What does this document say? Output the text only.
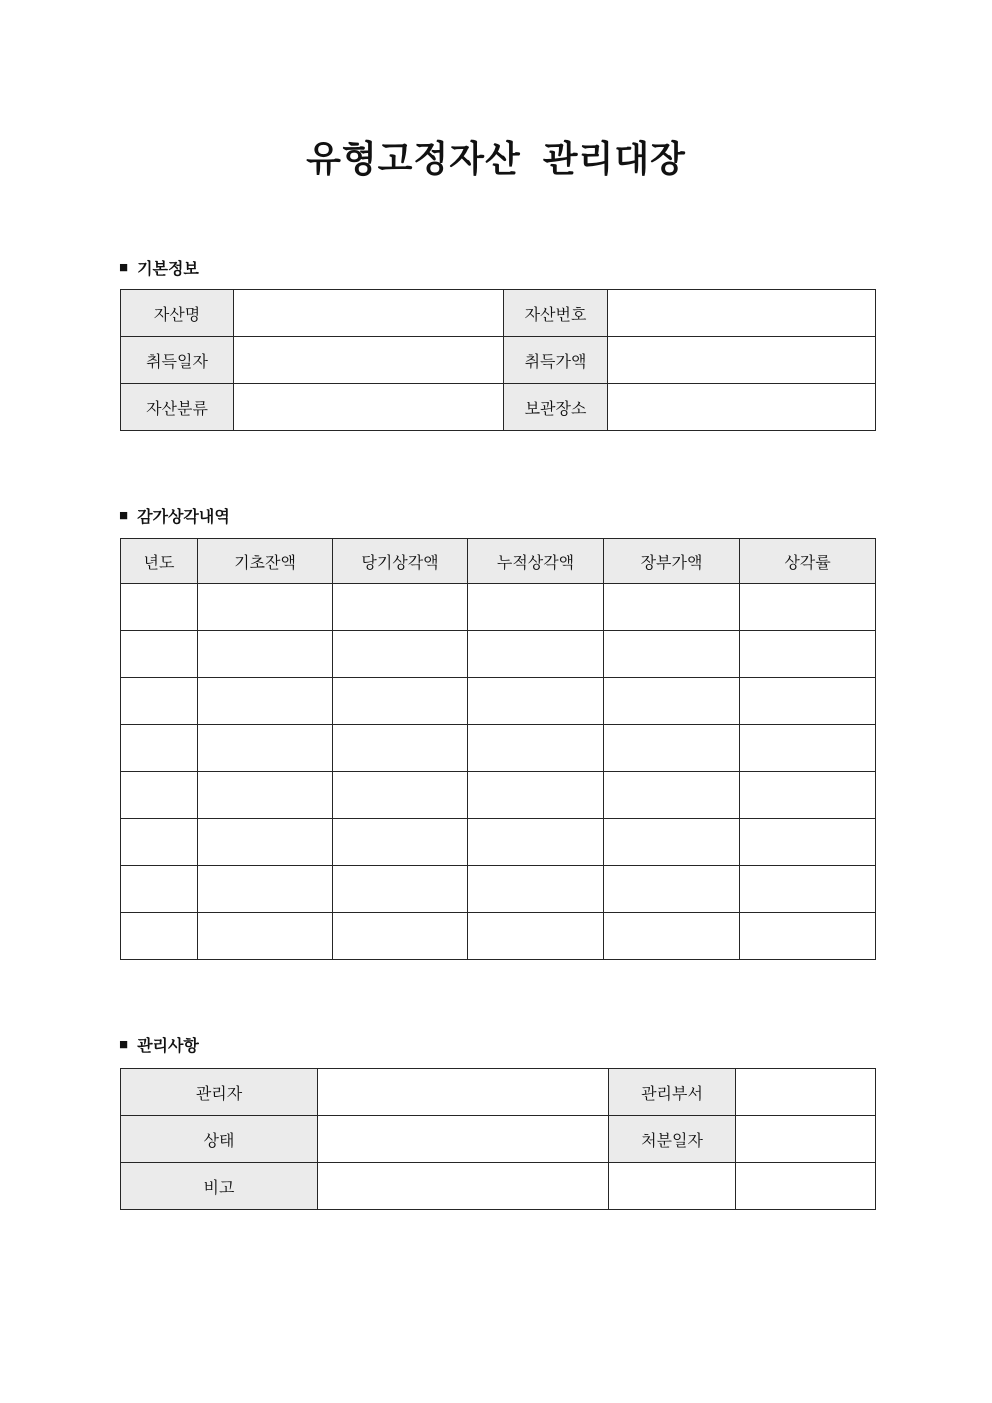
유형고정자산  관리대장
■ 기본정보
자산명		자산번호	
취득일자		취득가액	
자산분류		보관장소	
■ 감가상각내역
년도	기초잔액	당기상각액	누적상각액	장부가액	상각률

■ 관리사항
관리자		관리부서	
상태		처분일자	
비고			
